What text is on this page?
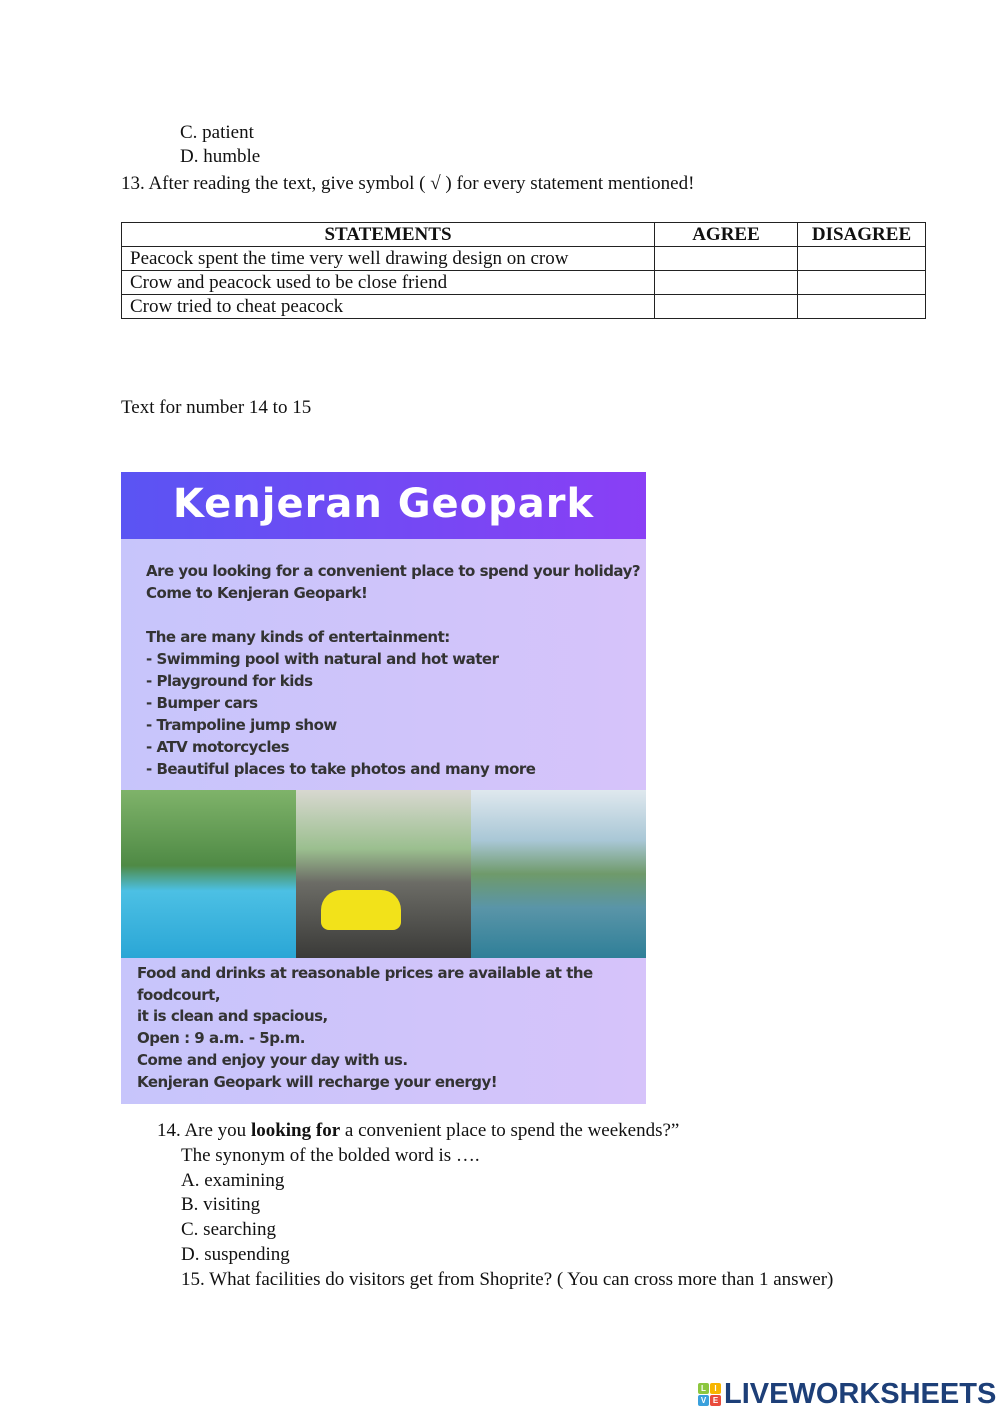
C. patient
D. humble
13. After reading the text, give symbol ( √ ) for every statement mentioned!
STATEMENTS	AGREE	DISAGREE
Peacock spent the time very well drawing design on crow		
Crow and peacock used to be close friend		
Crow tried to cheat peacock		
Text for number 14 to 15
Kenjeran Geopark
Are you looking for a convenient place to spend your holiday?
Come to Kenjeran Geopark!
The are many kinds of entertainment:
- Swimming pool with natural and hot water
- Playground for kids
- Bumper cars
- Trampoline jump show
- ATV motorcycles
- Beautiful places to take photos and many more
Food and drinks at reasonable prices are available at the
foodcourt,
it is clean and spacious,
Open : 9 a.m. - 5p.m.
Come and enjoy your day with us.
Kenjeran Geopark will recharge your energy!
14. Are you looking for a convenient place to spend the weekends?”
The synonym of the bolded word is ….
A. examining
B. visiting
C. searching
D. suspending
15. What facilities do visitors get from Shoprite? ( You can cross more than 1 answer)
L	I
V E LIVEWORKSHEETS
